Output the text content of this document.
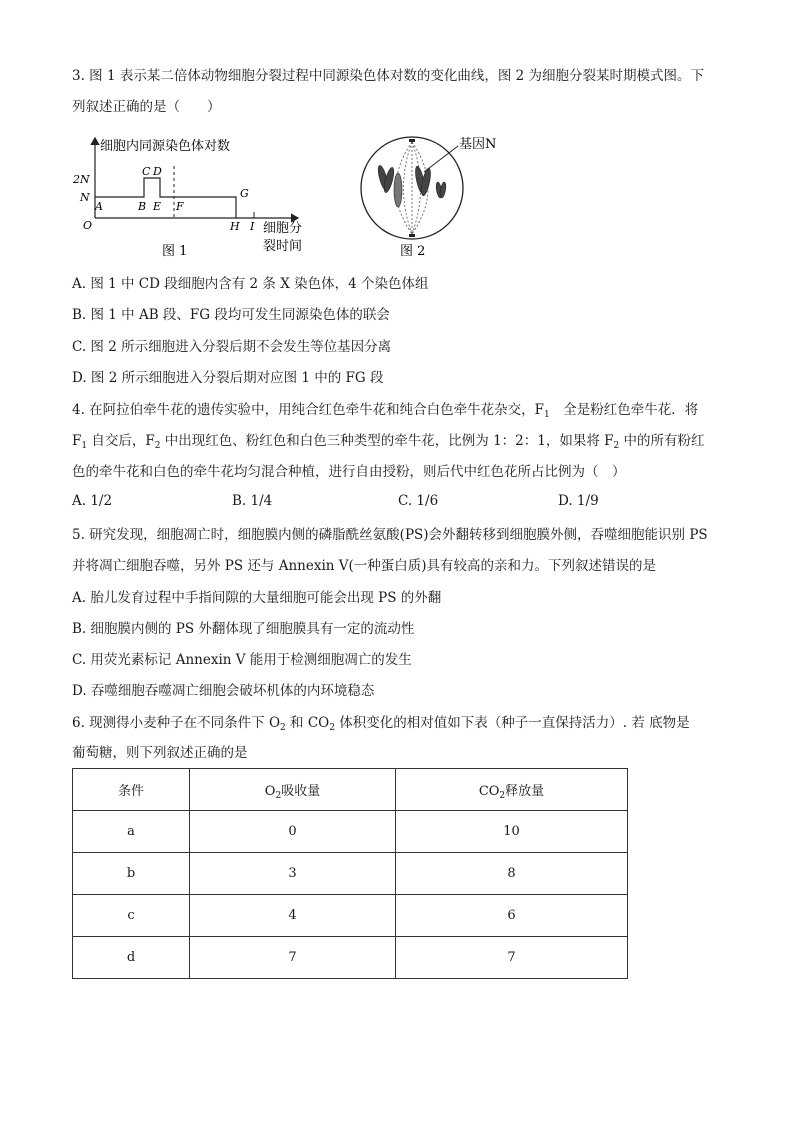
3. 图 1 表示某二倍体动物细胞分裂过程中同源染色体对数的变化曲线，图 2 为细胞分裂某时期模式图。下
列叙述正确的是（　　）
细胞内同源染色体对数
2N
N
O
A	B
C D
E F
G
H I 细胞分
裂时间
图 1
基因N
图 2
A. 图 1 中 CD 段细胞内含有 2 条 X 染色体，4 个染色体组
B. 图 1 中 AB 段、FG 段均可发生同源染色体的联会
C. 图 2 所示细胞进入分裂后期不会发生等位基因分离
D. 图 2 所示细胞进入分裂后期对应图 1 中的 FG 段
4. 在阿拉伯牵牛花的遗传实验中，用纯合红色牵牛花和纯合白色牵牛花杂交，$F_1$　全是粉红色牵牛花．将
$F_1$ 自交后，$F_2$ 中出现红色、粉红色和白色三种类型的牵牛花，比例为 1：2：1，如果将 $F_2$ 中的所有粉红
色的牵牛花和白色的牵牛花均匀混合种植，进行自由授粉，则后代中红色花所占比例为（　）
A. 1/2	B. 1/4	C. 1/6	D. 1/9
5. 研究发现，细胞凋亡时，细胞膜内侧的磷脂酰丝氨酸(PS)会外翻转移到细胞膜外侧，吞噬细胞能识别 PS
并将凋亡细胞吞噬，另外 PS 还与 Annexin V(一种蛋白质)具有较高的亲和力。下列叙述错误的是
A. 胎儿发育过程中手指间隙的大量细胞可能会出现 PS 的外翻
B. 细胞膜内侧的 PS 外翻体现了细胞膜具有一定的流动性
C. 用荧光素标记 Annexin V 能用于检测细胞凋亡的发生
D. 吞噬细胞吞噬凋亡细胞会破坏机体的内环境稳态
6. 现测得小麦种子在不同条件下 $O_2$ 和 $CO_2$ 体积变化的相对值如下表（种子一直保持活力）. 若 底物是
葡萄糖，则下列叙述正确的是
条件	$O_2$吸收量	$CO_2$释放量
a	0	10
b	3	8
c	4	6
d	7	7
